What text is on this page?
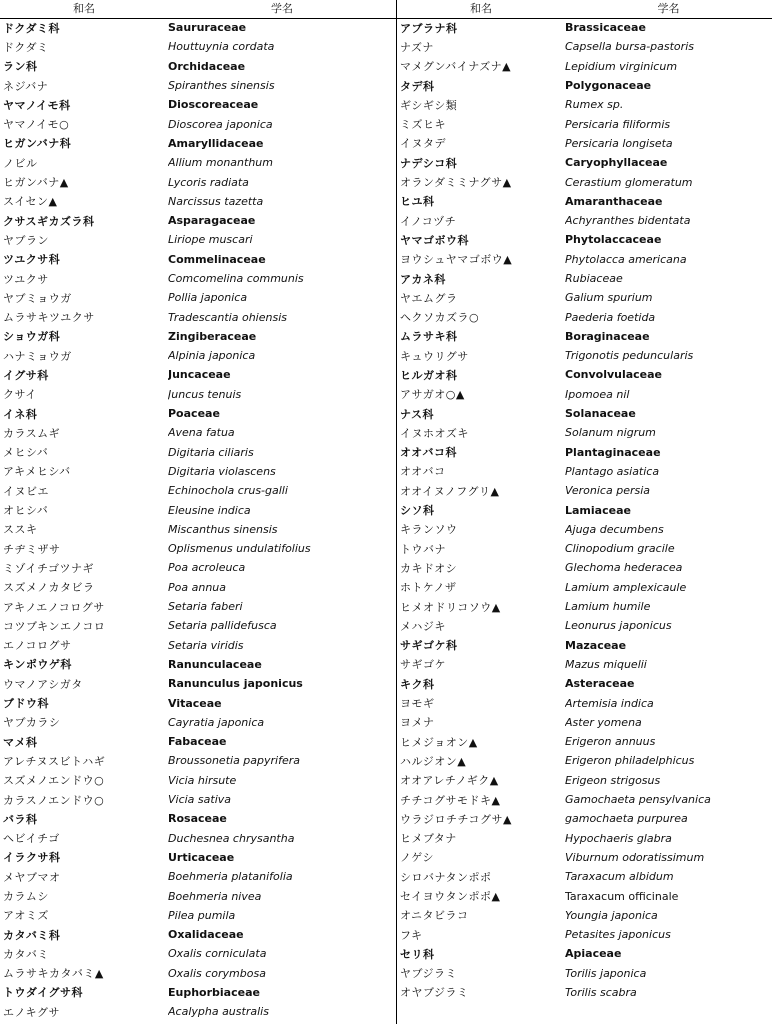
和名	学名
ドクダミ科	Saururaceae
ドクダミ	Houttuynia cordata
ラン科	Orchidaceae
ネジバナ	Spiranthes sinensis
ヤマノイモ科	Dioscoreaceae
ヤマノイモ○	Dioscorea japonica
ヒガンバナ科	Amaryllidaceae
ノビル	Allium monanthum
ヒガンバナ▲	Lycoris radiata
スイセン▲	Narcissus tazetta
クサスギカズラ科	Asparagaceae
ヤブラン	Liriope muscari
ツユクサ科	Commelinaceae
ツユクサ	Comcomelina communis
ヤブミョウガ	Pollia japonica
ムラサキツユクサ	Tradescantia ohiensis
ショウガ科	Zingiberaceae
ハナミョウガ	Alpinia japonica
イグサ科	Juncaceae
クサイ	Juncus tenuis
イネ科	Poaceae
カラスムギ	Avena fatua
メヒシバ	Digitaria ciliaris
アキメヒシバ	Digitaria violascens
イヌビエ	Echinochola crus-galli
オヒシバ	Eleusine indica
ススキ	Miscanthus sinensis
チヂミザサ	Oplismenus undulatifolius
ミゾイチゴツナギ	Poa acroleuca
スズメノカタビラ	Poa annua
アキノエノコログサ	Setaria faberi
コツブキンエノコロ	Setaria pallidefusca
エノコログサ	Setaria viridis
キンポウゲ科	Ranunculaceae
ウマノアシガタ	Ranunculus japonicus
ブドウ科	Vitaceae
ヤブカラシ	Cayratia japonica
マメ科	Fabaceae
アレチヌスビトハギ	Broussonetia papyrifera
スズメノエンドウ○	Vicia hirsute
カラスノエンドウ○	Vicia sativa
バラ科	Rosaceae
ヘビイチゴ	Duchesnea chrysantha
イラクサ科	Urticaceae
メヤブマオ	Boehmeria platanifolia
カラムシ	Boehmeria nivea
アオミズ	Pilea pumila
カタバミ科	Oxalidaceae
カタバミ	Oxalis corniculata
ムラサキカタバミ▲	Oxalis corymbosa
トウダイグサ科	Euphorbiaceae
エノキグサ	Acalypha australis
和名	学名
アブラナ科	Brassicaceae
ナズナ	Capsella bursa-pastoris
マメグンバイナズナ▲	Lepidium virginicum
タデ科	Polygonaceae
ギシギシ類	Rumex sp.
ミズヒキ	Persicaria filiformis
イヌタデ	Persicaria longiseta
ナデシコ科	Caryophyllaceae
オランダミミナグサ▲	Cerastium glomeratum
ヒユ科	Amaranthaceae
イノコヅチ	Achyranthes bidentata
ヤマゴボウ科	Phytolaccaceae
ヨウシュヤマゴボウ▲	Phytolacca americana
アカネ科	Rubiaceae
ヤエムグラ	Galium spurium
ヘクソカズラ○	Paederia foetida
ムラサキ科	Boraginaceae
キュウリグサ	Trigonotis peduncularis
ヒルガオ科	Convolvulaceae
アサガオ○▲	Ipomoea nil
ナス科	Solanaceae
イヌホオズキ	Solanum nigrum
オオバコ科	Plantaginaceae
オオバコ	Plantago asiatica
オオイヌノフグリ▲	Veronica persia
シソ科	Lamiaceae
キランソウ	Ajuga decumbens
トウバナ	Clinopodium gracile
カキドオシ	Glechoma hederacea
ホトケノザ	Lamium amplexicaule
ヒメオドリコソウ▲	Lamium humile
メハジキ	Leonurus japonicus
サギゴケ科	Mazaceae
サギゴケ	Mazus miquelii
キク科	Asteraceae
ヨモギ	Artemisia indica
ヨメナ	Aster yomena
ヒメジョオン▲	Erigeron annuus
ハルジオン▲	Erigeron philadelphicus
オオアレチノギク▲	Erigeon strigosus
チチコグサモドキ▲	Gamochaeta pensylvanica
ウラジロチチコグサ▲	gamochaeta purpurea
ヒメブタナ	Hypochaeris glabra
ノゲシ	Viburnum odoratissimum
シロバナタンポポ	Taraxacum albidum
セイヨウタンポポ▲	Taraxacum officinale
オニタビラコ	Youngia japonica
フキ	Petasites japonicus
セリ科	Apiaceae
ヤブジラミ	Torilis japonica
オヤブジラミ	Torilis scabra
